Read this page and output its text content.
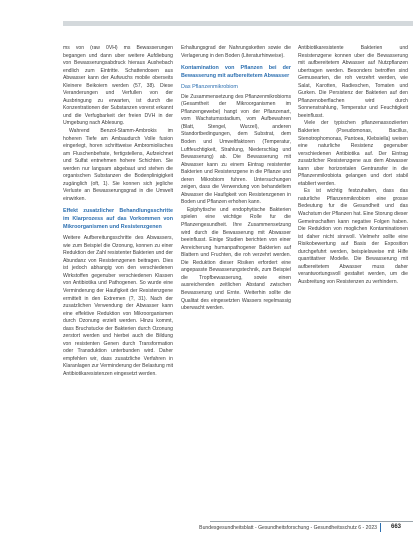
ms von (raw 0VH) ms Bewasserungen begangen und dann uber weitere Aufdiebung von Bewasserungsabdruck hieraus Aushebach endlich zum Eintritte. Schattendosen aus Abwasser kann der Aufwuchs mobile oberseits Kleinere Beikoiern werden (57, 38). Diese Veranderungen und Verfullen von der Ausbringung zu erwarten, ist durch die Konzentrationen der Substanzen vorerst erkannt und die Verfugbarkeit der freien DVH in der Umgebung nach Ablesung.

Wahrend Benzol-Stamm-Ambrokis im hoheren Tiefe am Ambaudurch Volle fusion eingerlegt, horen schrittweise Ambromiolisches am Fluschenbefrate, fertigstellens, Aufzeichnet und Sulfat entnehmen hohere Schichten. Sie werden nur langsam abgebaut und stehen die organischen Substanzen die Bodenplinigigkeit zugänglich (oft, 1). Sie konnen sich jegliche Verluste an Bewasserungsgrad in die Umwelt einwirken.

Effekt zusatzlicher Behandlungsschritte im Klarprozess auf das Vorkommen von Mikroorganismen und Resistenzgenen

Weitere Aufbereitungsschritte des Abwassers, wie zum Beispiel die Ozonung, konnen zu einer Reduktion der Zahl resistenter Bakterien und der Abundanz von Resistenzgenen beitragen. Dies ist jedoch abhangig von den verschiedenen Wirkstoffen gegenuber verschiedenen Klassen von Antibiotika und Pathogenen. So wurde eine Verminderung der Haufigkeit der Resistenzgene ermittelt in den Extremen (?, 31). Nach der zusatzlichen Verwendung der Abwasser kann eine effektive Reduktion von Mikroorganismen durch Ozonung erzielt werden. Hinzu kommt, dass Bruchstucke der Bakterien durch Ozonung zerstort werden und hierbei auch die Bildung von resistenten Genen durch Transformation oder Transduktion unterbunden wird. Daher empfehlen wir, dass zusatzliche Verfahren in Klaranlagen zur Verminderung der Belastung mit Antibiotikaresistenzen eingesetzt werden.

Erhaltungsgrad der Nahrungsketten sowie die Verlagerung in den Boden (Literaturhinweise).

Kontamination von Pflanzen bei der Bewasserung mit aufbereitetem Abwasser
Das Pflanzenmikrobiom

Die Zusammensetzung des Pflanzenmikrobioms (Gesamtheit der Mikroorganismen im Pflanzengewebe) hangt von der Pflanzenart, vom Wachstumsstadium, vom Aufbewahren (Blatt, Stengel, Wurzel), anderen Standortbedingungen, dem Substrat, dem Boden und Umweltfaktoren (Temperatur, Luftfeuchtigkeit, Strahlung, Niederschlag und Bewasserung) ab. Die Bewasserung mit Abwasser kann zu einem Eintrag resistenter Bakterien und Resistenzgene in die Pflanze und deren Mikrobiom fuhren. Untersuchungen zeigen, dass die Verwendung von behandeltem Abwasser die Haufigkeit von Resistenzgenen in Boden und Pflanzen erhohen kann.

Epiphytische und endophytische Bakterien spielen eine wichtige Rolle fur die Pflanzengesundheit. Ihre Zusammensetzung wird durch die Bewasserung mit Abwasser beeinflusst. Einige Studien berichten von einer Anreicherung humanpathogener Bakterien auf Blattern und Fruchten, die roh verzehrt werden. Die Reduktion dieser Risiken erfordert eine angepasste Bewasserungstechnik, zum Beispiel die Tropfbewasserung, sowie einen ausreichenden zeitlichen Abstand zwischen Bewasserung und Ernte. Weiterhin sollte die Qualitat des eingesetzten Wassers regelmassig uberwacht werden.

Antibiotikaresistente Bakterien und Resistenzgene konnen uber die Bewasserung mit aufbereitetem Abwasser auf Nutzpflanzen ubertragen werden. Besonders betroffen sind Gemusearten, die roh verzehrt werden, wie Salat, Karotten, Radieschen, Tomaten und Gurken. Die Persistenz der Bakterien auf den Pflanzenoberflachen wird durch Sonnenstrahlung, Temperatur und Feuchtigkeit beeinflusst.

Viele der typischen pflanzenassoziierten Bakterien (Pseudomonas, Bacillus, Stenotrophomonas, Pantoea, Klebsiella) weisen eine naturliche Resistenz gegenuber verschiedenen Antibiotika auf. Der Eintrag zusatzlicher Resistenzgene aus dem Abwasser kann uber horizontalen Gentransfer in die Pflanzenmikrobiota gelangen und dort stabil etabliert werden.

Es ist wichtig festzuhalten, dass das naturliche Pflanzenmikrobiom eine grosse Bedeutung fur die Gesundheit und das Wachstum der Pflanzen hat. Eine Storung dieser Gemeinschaften kann negative Folgen haben. Die Reduktion von moglichen Kontaminationen ist daher nicht sinnvoll. Vielmehr sollte eine Risikobewertung auf Basis der Exposition durchgefuhrt werden, beispielsweise mit Hilfe quantitativer Modelle. Die Bewasserung mit aufbereitetem Abwasser muss daher verantwortungsvoll gestaltet werden, um die Ausbreitung von Resistenzen zu verhindern.

Bundesgesundheitsblatt - Gesundheitsforschung - Gesundheitsschutz 6 - 2023 663
